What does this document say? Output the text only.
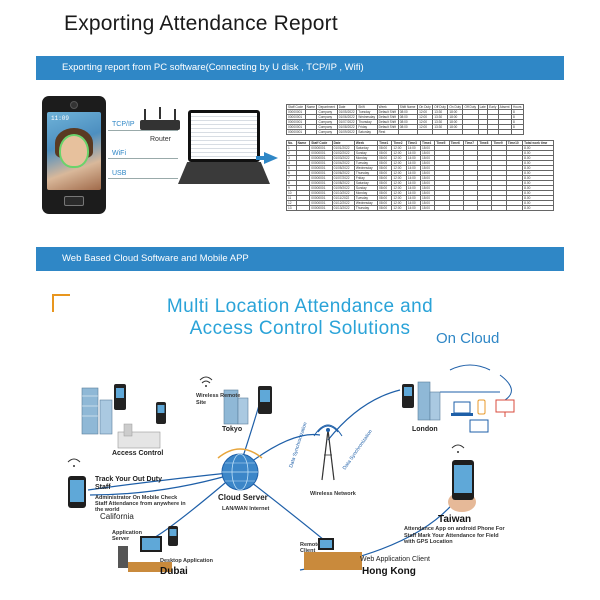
Exporting Attendance Report
Exporting report from PC software(Connecting by U disk , TCP/IP , Wifi)
11:09
TCP/IP
WiFi
USB
Router
Staff Code	Name	Department	Date	Shift	Week	Shift Name	On Duty	Off Duty	On Duty	Off Duty	Late	Early	Absent	Hours
00000001		Company	01/05/2022	Tuesday	Default Shift	08:00	12:00	13:30	18:00					8
00000001		Company	01/06/2022	Wednesday	Default Shift	08:00	12:00	13:30	18:00					8
00000001		Company	01/07/2022	Thursday	Default Shift	08:00	12:00	13:30	18:00					8
00000001		Company	01/08/2022	Friday	Default Shift	08:00	12:00	13:30	18:00					8
00000001		Company	01/09/2022	Saturday	Rest									
No.	Name	Staff Code	Date	Week	Time1	Time2	Time3	Time4	Time5	Time6	Time7	Time8	Time9	Time10	Total work time
1		00000001	01/01/2022	Saturday	08:00	12:00	14:00	18:00							8.00
2		00000001	01/02/2022	Sunday	08:00	12:00	14:00	18:00							8.00
3		00000001	01/03/2022	Monday	08:00	12:00	14:00	18:00							8.00
4		00000001	01/04/2022	Tuesday	08:00	12:00	14:00	18:00							8.00
5		00000001	01/05/2022	Wednesday	08:00	12:00	14:00	18:00							8.00
6		00000001	01/06/2022	Thursday	08:00	12:00	14:00	18:00							8.00
7		00000001	01/07/2022	Friday	08:00	12:00	14:00	18:00							8.00
8		00000001	01/08/2022	Saturday	08:00	12:00	14:00	18:00							8.00
9		00000001	01/09/2022	Sunday	08:00	12:00	14:00	18:00							8.00
10		00000001	01/10/2022	Monday	08:00	12:00	14:00	18:00							8.00
11		00000001	01/11/2022	Tuesday	08:00	12:00	14:00	18:00							8.00
12		00000001	01/12/2022	Wednesday	08:00	12:00	14:00	18:00							8.00
13		00000001	01/13/2022	Thursday	08:00	12:00	14:00	18:00							8.00
Web Based Cloud Software and Mobile APP
Multi Location Attendance and
Access Control Solutions	On Cloud
Data Synchronization	Data Synchronization
Wireless Remote Site
Tokyo
Access Control
Track Your Out Duty Staff
Administrator On Mobile Check Staff Attendance from anywhere in the world
California
Cloud Server
LAN/WAN Internet
Wireless Network
London
Application Server
Desktop Application
Dubai
Remote Client
Web Application Client
Hong Kong
Taiwan
Attendance App on android Phone For Staff Mark Your Attendance for Field with GPS Location
